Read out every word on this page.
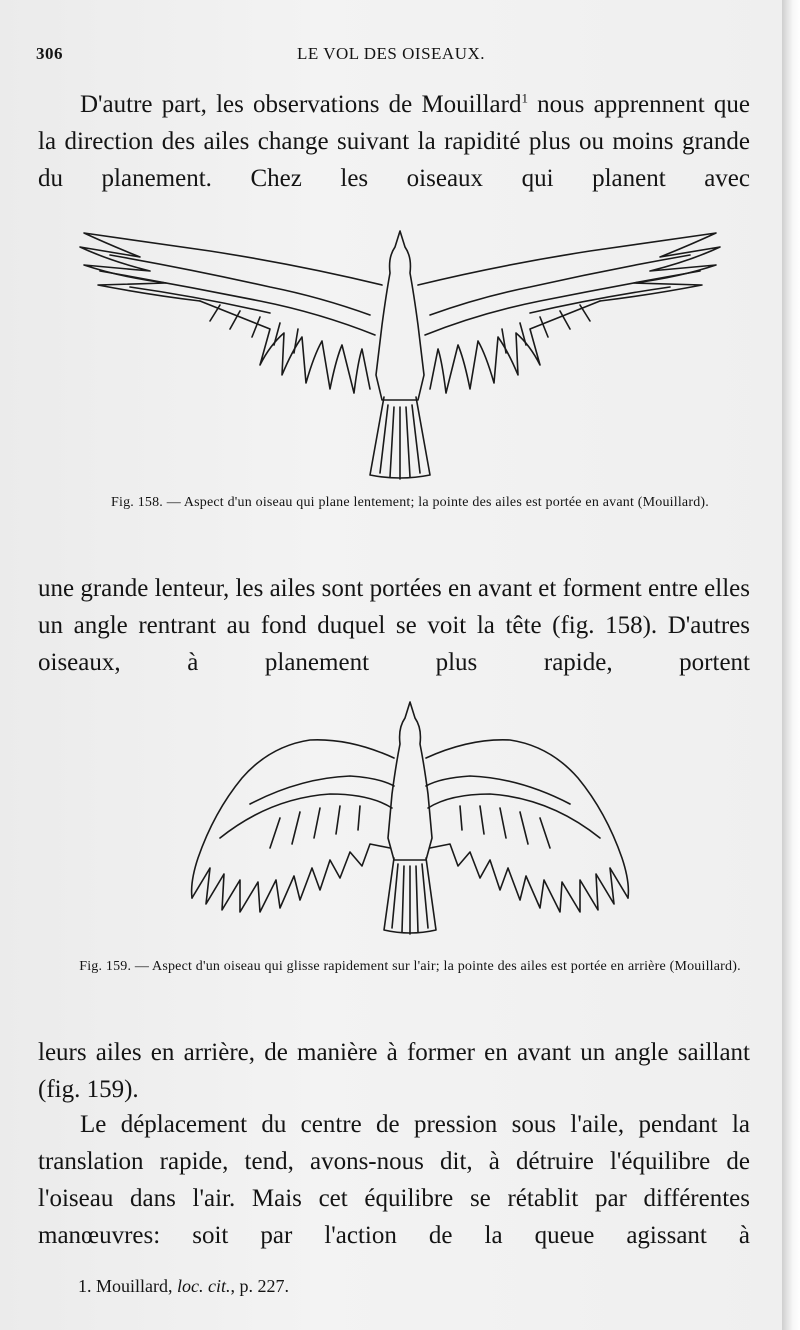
306	LE VOL DES OISEAUX.
D'autre part, les observations de Mouillard$^1$ nous apprennent que la direction des ailes change suivant la rapidité plus ou moins grande du planement. Chez les oiseaux qui planent avec
Fig. 158. — Aspect d'un oiseau qui plane lentement; la pointe des ailes est portée en avant (Mouillard).
une grande lenteur, les ailes sont portées en avant et forment entre elles un angle rentrant au fond duquel se voit la tête (fig. 158). D'autres oiseaux, à planement plus rapide, portent
Fig. 159. — Aspect d'un oiseau qui glisse rapidement sur l'air; la pointe des ailes est portée en arrière (Mouillard).
leurs ailes en arrière, de manière à former en avant un angle saillant (fig. 159).
Le déplacement du centre de pression sous l'aile, pendant la translation rapide, tend, avons-nous dit, à détruire l'équilibre de l'oiseau dans l'air. Mais cet équilibre se rétablit par différentes manœuvres: soit par l'action de la queue agissant à
1. Mouillard, loc. cit., p. 227.
